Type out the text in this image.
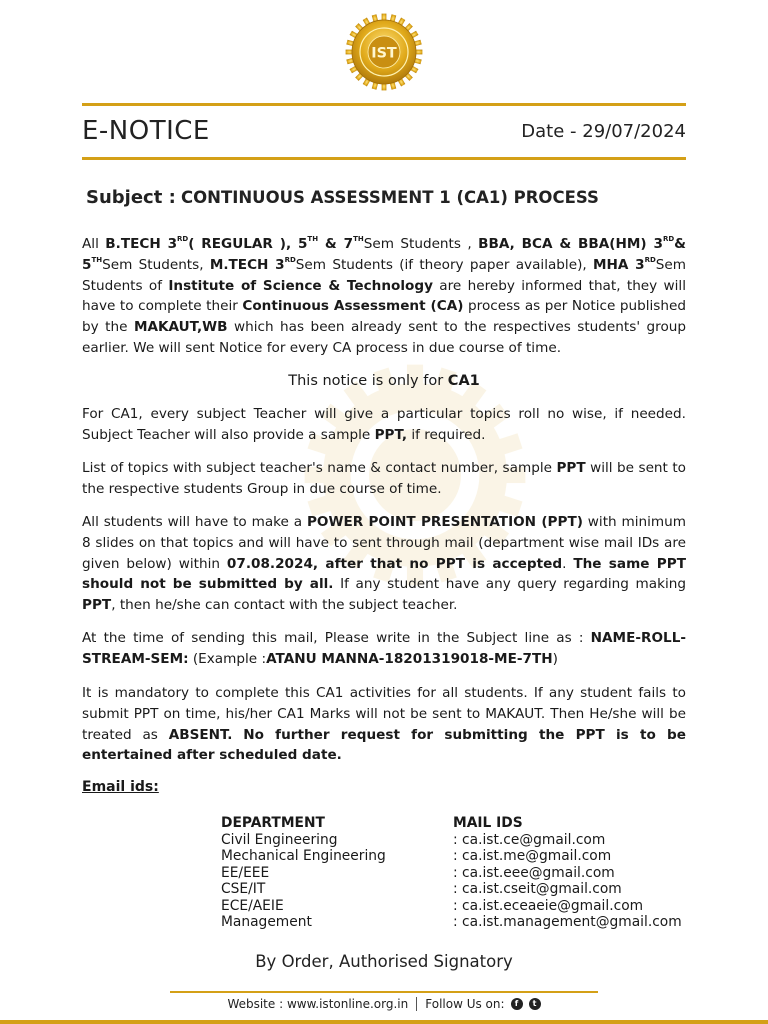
IST
E-NOTICE	Date - 29/07/2024
Subject : CONTINUOUS ASSESSMENT 1 (CA1) PROCESS
All B.TECH 3RD( REGULAR ), 5TH & 7THSem Students , BBA, BCA & BBA(HM) 3RD& 5THSem Students, M.TECH 3RDSem Students (if theory paper available), MHA 3RDSem Students of Institute of Science & Technology are hereby informed that, they will have to complete their Continuous Assessment (CA) process as per Notice published by the MAKAUT,WB which has been already sent to the respectives students' group earlier. We will sent Notice for every CA process in due course of time.
This notice is only for CA1
For CA1, every subject Teacher will give a particular topics roll no wise, if needed. Subject Teacher will also provide a sample PPT, if required.
List of topics with subject teacher's name & contact number, sample PPT will be sent to the respective students Group in due course of time.
All students will have to make a POWER POINT PRESENTATION (PPT) with minimum 8 slides on that topics and will have to sent through mail (department wise mail IDs are given below) within 07.08.2024, after that no PPT is accepted. The same PPT should not be submitted by all. If any student have any query regarding making PPT, then he/she can contact with the subject teacher.
At the time of sending this mail, Please write in the Subject line as : NAME-ROLL-STREAM-SEM: (Example :ATANU MANNA-18201319018-ME-7TH)
It is mandatory to complete this CA1 activities for all students. If any student fails to submit PPT on time, his/her CA1 Marks will not be sent to MAKAUT. Then He/she will be treated as ABSENT. No further request for submitting the PPT is to be entertained after scheduled date.
Email ids:
DEPARTMENT	MAIL IDS
Civil Engineering	: ca.ist.ce@gmail.com
Mechanical Engineering	: ca.ist.me@gmail.com
EE/EEE	: ca.ist.eee@gmail.com
CSE/IT	: ca.ist.cseit@gmail.com
ECE/AEIE	: ca.ist.eceaeie@gmail.com
Management	: ca.ist.management@gmail.com
By Order, Authorised Signatory
Website : www.istonline.org.in Follow Us on:	f	t
